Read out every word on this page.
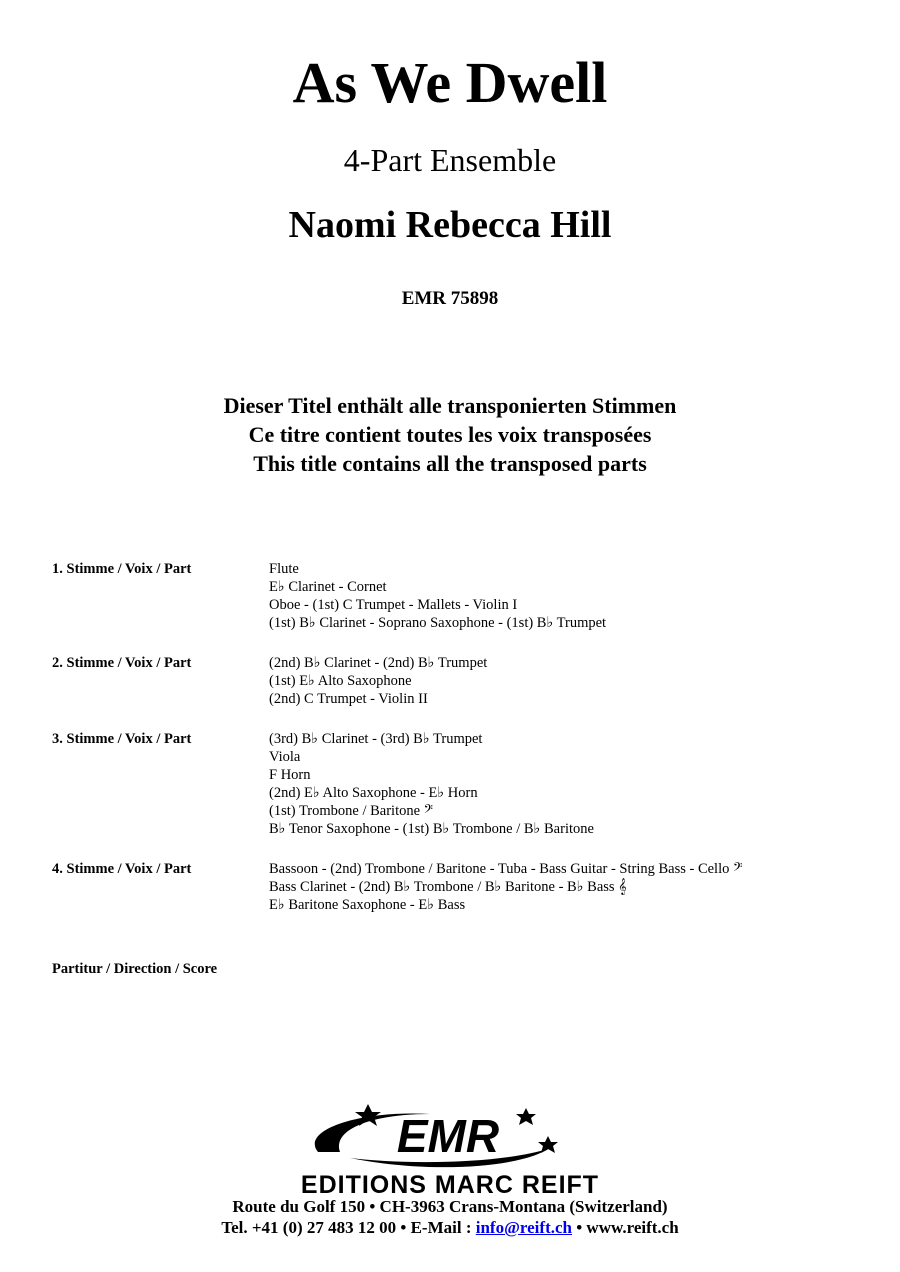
As We Dwell
4-Part Ensemble
Naomi Rebecca Hill
EMR 75898
Dieser Titel enthält alle transponierten Stimmen
Ce titre contient toutes les voix transposées
This title contains all the transposed parts
1. Stimme / Voix / Part	Flute
E♭ Clarinet - Cornet
Oboe - (1st) C Trumpet - Mallets - Violin I
(1st) B♭ Clarinet - Soprano Saxophone - (1st) B♭ Trumpet
2. Stimme / Voix / Part	(2nd) B♭ Clarinet - (2nd) B♭ Trumpet
(1st) E♭ Alto Saxophone
(2nd) C Trumpet - Violin II
3. Stimme / Voix / Part	(3rd) B♭ Clarinet - (3rd) B♭ Trumpet
Viola
F Horn
(2nd) E♭ Alto Saxophone - E♭ Horn
(1st) Trombone / Baritone 𝄢
B♭ Tenor Saxophone - (1st) B♭ Trombone / B♭ Baritone
4. Stimme / Voix / Part	Bassoon - (2nd) Trombone / Baritone - Tuba - Bass Guitar - String Bass - Cello 𝄢
Bass Clarinet - (2nd) B♭ Trombone / B♭ Baritone - B♭ Bass 𝄞
E♭ Baritone Saxophone - E♭ Bass
Partitur / Direction / Score
EMR
EDITIONS MARC REIFT
Route du Golf 150 • CH-3963 Crans-Montana (Switzerland)
Tel. +41 (0) 27 483 12 00 • E-Mail : info@reift.ch • www.reift.ch
